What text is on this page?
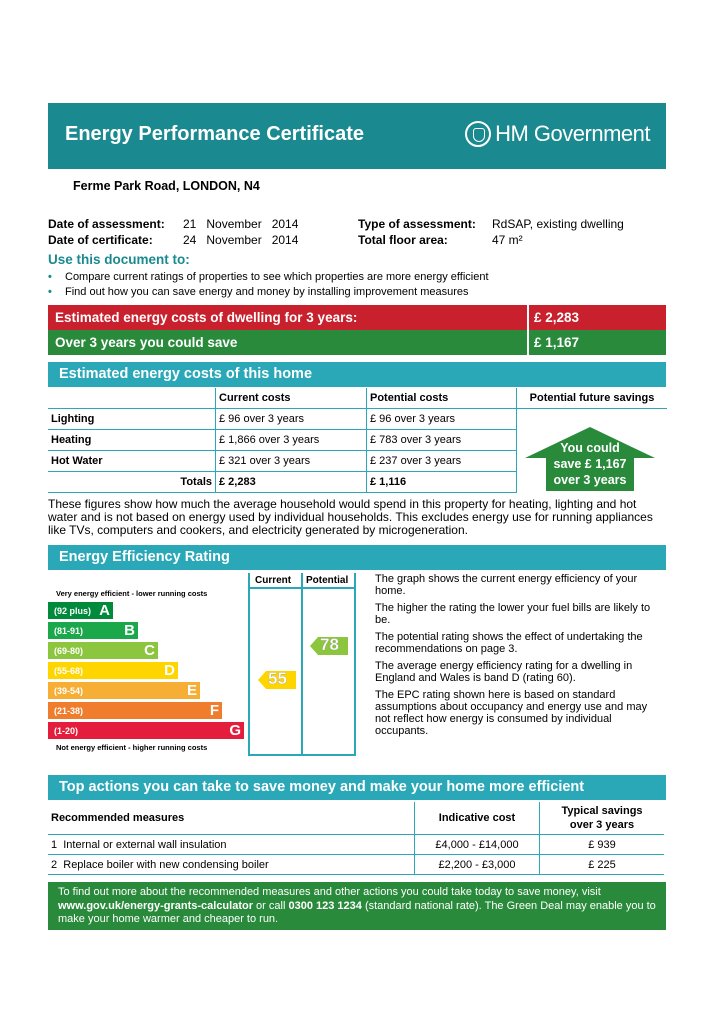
Energy Performance Certificate	HM Government
Ferme Park Road, LONDON, N4
Date of assessment: 21   November   2014
Date of certificate:	24   November   2014
Type of assessment: RdSAP, existing dwelling
Total floor area:	47 m²
Use this document to:
• Compare current ratings of properties to see which properties are more energy efficient
• Find out how you can save energy and money by installing improvement measures
Estimated energy costs of dwelling for 3 years:	£ 2,283
Over 3 years you could save	£ 1,167
Estimated energy costs of this home
	Current costs	Potential costs	Potential future savings
Lighting	£ 96 over 3 years	£ 96 over 3 years	
Heating	£ 1,866 over 3 years	£ 783 over 3 years	
Hot Water	£ 321 over 3 years	£ 237 over 3 years	
Totals	£ 2,283	£ 1,116	
You could
save £ 1,167
over 3 years
These figures show how much the average household would spend in this property for heating, lighting and hot water and is not based on energy used by individual households. This excludes energy use for running appliances like TVs, computers and cookers, and electricity generated by microgeneration.
Energy Efficiency Rating
Current Potential
Very energy efficient - lower running costs
Not energy efficient - higher running costs
(92 plus) A
(81-91)	B
(69-80)	C
(55-68)	D
(39-54)	E
(21-38)	F
(1-20)	G
55
78

The graph shows the current energy efficiency of your home.

The higher the rating the lower your fuel bills are likely to be.

The potential rating shows the effect of undertaking the recommendations on page 3.

The average energy efficiency rating for a dwelling in England and Wales is band D (rating 60).

The EPC rating shown here is based on standard assumptions about occupancy and energy use and may not reflect how energy is consumed by individual occupants.

Top actions you can take to save money and make your home more efficient
Recommended measures	Indicative cost	Typical savings
over 3 years

1 Internal or external wall insulation	£4,000 - £14,000	£ 939
2 Replace boiler with new condensing boiler	£2,200 - £3,000	£ 225
To find out more about the recommended measures and other actions you could take today to save money, visit
www.gov.uk/energy-grants-calculator or call 0300 123 1234 (standard national rate). The Green Deal may enable you to
make your home warmer and cheaper to run.
